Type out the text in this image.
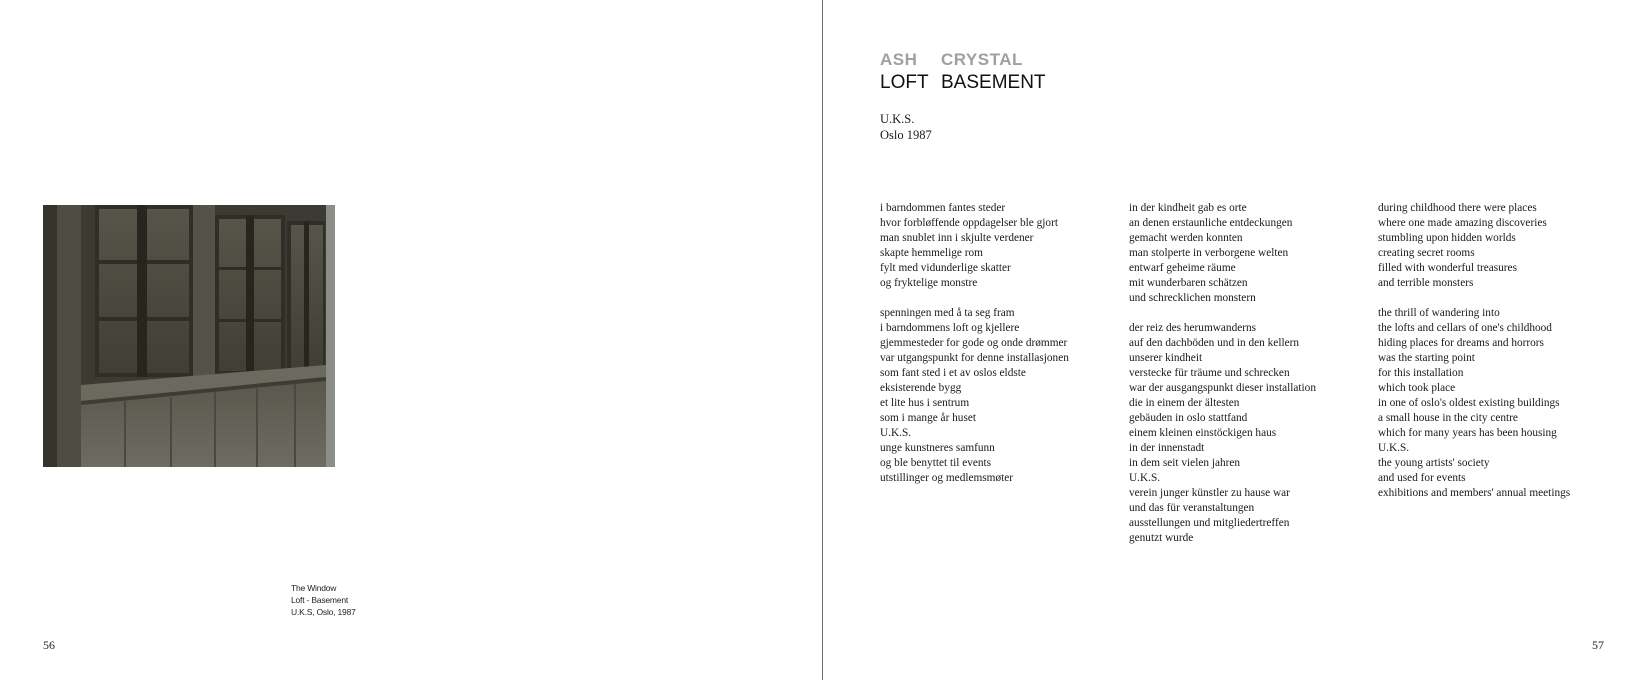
The Window
Loft - Basement
U.K.S, Oslo, 1987
56
ASH	CRYSTAL
LOFT BASEMENT
U.K.S.
Oslo 1987
i barndommen fantes steder
hvor forbløffende oppdagelser ble gjort
man snublet inn i skjulte verdener
skapte hemmelige rom
fylt med vidunderlige skatter
og fryktelige monstre
spenningen med å ta seg fram
i barndommens loft og kjellere
gjemmesteder for gode og onde drømmer
var utgangspunkt for denne installasjonen
som fant sted i et av oslos eldste
eksisterende bygg
et lite hus i sentrum
som i mange år huset
U.K.S.
unge kunstneres samfunn
og ble benyttet til events
utstillinger og medlemsmøter
in der kindheit gab es orte
an denen erstaunliche entdeckungen
gemacht werden konnten
man stolperte in verborgene welten
entwarf geheime räume
mit wunderbaren schätzen
und schrecklichen monstern
der reiz des herumwanderns
auf den dachböden und in den kellern
unserer kindheit
verstecke für träume und schrecken
war der ausgangspunkt dieser installation
die in einem der ältesten
gebäuden in oslo stattfand
einem kleinen einstöckigen haus
in der innenstadt
in dem seit vielen jahren
U.K.S.
verein junger künstler zu hause war
und das für veranstaltungen
ausstellungen und mitgliedertreffen
genutzt wurde
during childhood there were places
where one made amazing discoveries
stumbling upon hidden worlds
creating secret rooms
filled with wonderful treasures
and terrible monsters
the thrill of wandering into
the lofts and cellars of one's childhood
hiding places for dreams and horrors
was the starting point
for this installation
which took place
in one of oslo's oldest existing buildings
a small house in the city centre
which for many years has been housing
U.K.S.
the young artists' society
and used for events
exhibitions and members' annual meetings
57
